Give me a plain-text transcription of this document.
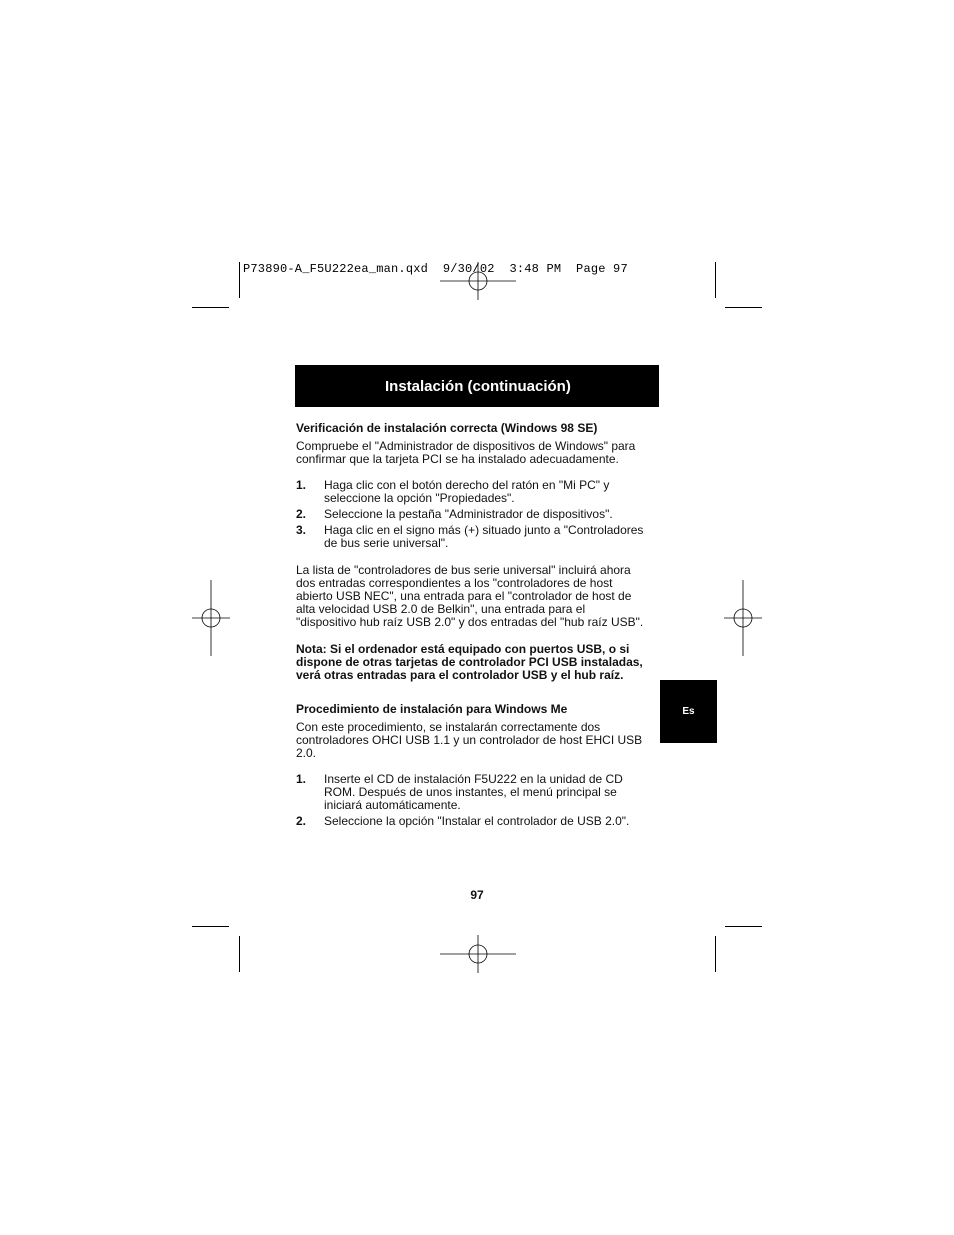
P73890-A_F5U222ea_man.qxd  9/30/02  3:48 PM  Page 97
Instalación (continuación)
Es

Verificación de instalación correcta (Windows 98 SE)

Compruebe el "Administrador de dispositivos de Windows" para confirmar que la tarjeta PCI se ha instalado adecuadamente.

1.	Haga clic con el botón derecho del ratón en "Mi PC" y seleccione la opción "Propiedades".
2.	Seleccione la pestaña "Administrador de dispositivos".
3.	Haga clic en el signo más (+) situado junto a "Controladores de bus serie universal".

La lista de "controladores de bus serie universal" incluirá ahora dos entradas correspondientes a los "controladores de host abierto USB NEC", una entrada para el "controlador de host de alta velocidad USB 2.0 de Belkin", una entrada para el "dispositivo hub raíz USB 2.0" y dos entradas del "hub raíz USB".

Nota: Si el ordenador está equipado con puertos USB, o si dispone de otras tarjetas de controlador PCI USB instaladas, verá otras entradas para el controlador USB y el hub raíz.

Procedimiento de instalación para Windows Me

Con este procedimiento, se instalarán correctamente dos controladores OHCI USB 1.1 y un controlador de host EHCI USB 2.0.

1.	Inserte el CD de instalación F5U222 en la unidad de CD ROM. Después de unos instantes, el menú principal se iniciará automáticamente.
2.	Seleccione la opción "Instalar el controlador de USB 2.0".
97
